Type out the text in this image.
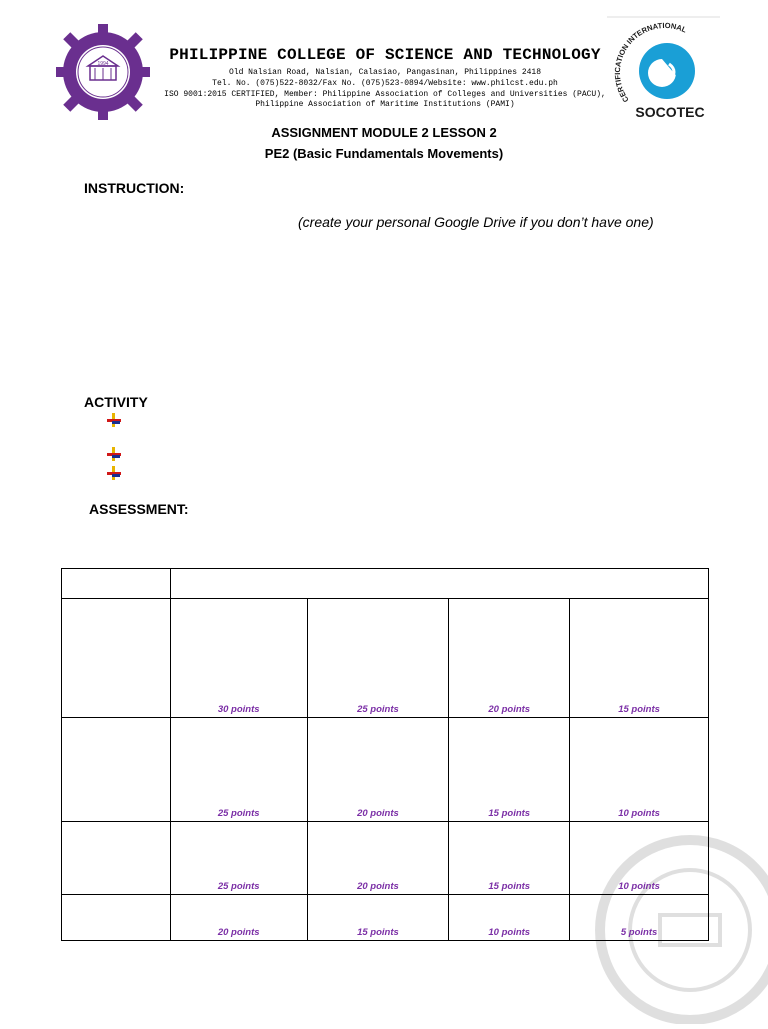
1994	PHILIPPINE COLLEGE OF SCIENCE AND TECHNOLOGY
Old Nalsian Road, Nalsian, Calasiao, Pangasinan, Philippines 2418
Tel. No. (075)522-8032/Fax No. (075)523-0894/Website: www.philcst.edu.ph
ISO 9001:2015 CERTIFIED, Member: Philippine Association of Colleges and Universities (PACU),
Philippine Association of Maritime Institutions (PAMI)
CERTIFICATION INTERNATIONAL
SOCOTEC
ASSIGNMENT MODULE 2 LESSON 2
PE2 (Basic Fundamentals Movements)
INSTRUCTION:
(create your personal Google Drive if you don’t have one)
ACTIVITY
ASSESSMENT:

	30 points	25 points	20 points	15 points

	25 points	20 points	15 points	10 points

	25 points	20 points	15 points	10 points

	20 points	15 points	10 points	5 points
